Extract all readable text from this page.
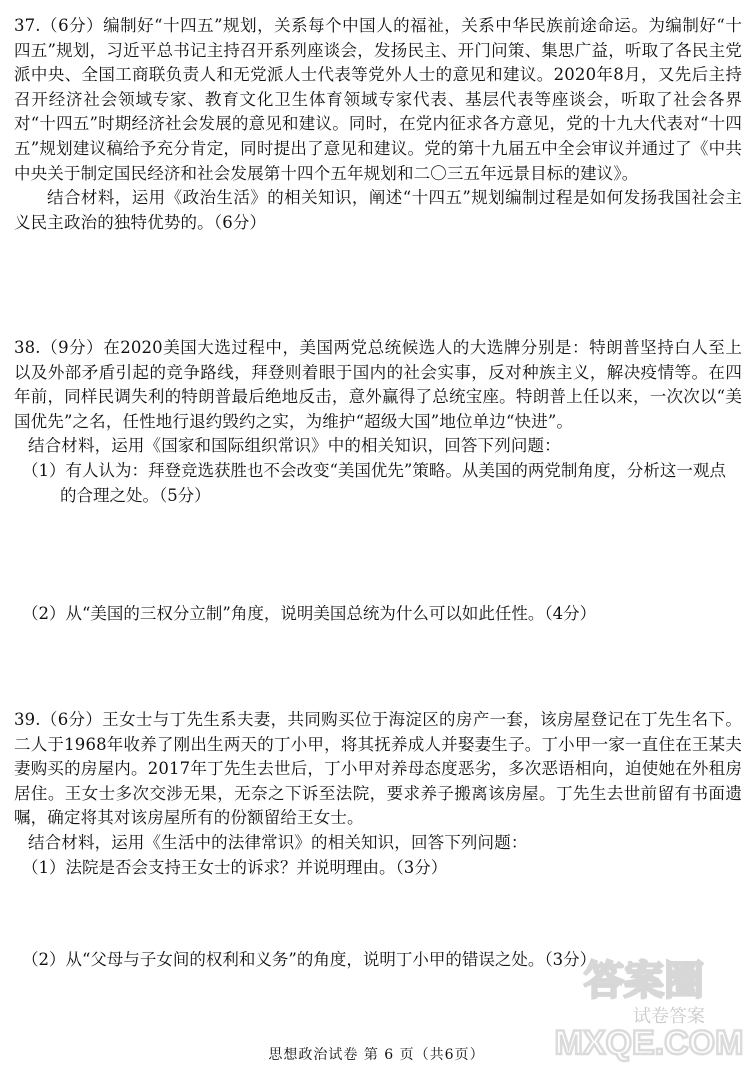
37.（6分）编制好“十四五”规划，关系每个中国人的福祉，关系中华民族前途命运。为编制好“十四五”规划，习近平总书记主持召开系列座谈会，发扬民主、开门问策、集思广益，听取了各民主党派中央、全国工商联负责人和无党派人士代表等党外人士的意见和建议。2020年8月，又先后主持召开经济社会领域专家、教育文化卫生体育领域专家代表、基层代表等座谈会，听取了社会各界对“十四五”时期经济社会发展的意见和建议。同时，在党内征求各方意见，党的十九大代表对“十四五”规划建议稿给予充分肯定，同时提出了意见和建议。党的第十九届五中全会审议并通过了《中共中央关于制定国民经济和社会发展第十四个五年规划和二〇三五年远景目标的建议》。

结合材料，运用《政治生活》的相关知识，阐述“十四五”规划编制过程是如何发扬我国社会主义民主政治的独特优势的。（6分）

38.（9分）在2020美国大选过程中，美国两党总统候选人的大选牌分别是：特朗普坚持白人至上以及外部矛盾引起的竞争路线，拜登则着眼于国内的社会实事，反对种族主义，解决疫情等。在四年前，同样民调失利的特朗普最后绝地反击，意外赢得了总统宝座。特朗普上任以来，一次次以“美国优先”之名，任性地行退约毁约之实，为维护“超级大国”地位单边“快进”。

结合材料，运用《国家和国际组织常识》中的相关知识，回答下列问题：

（1）有人认为：拜登竞选获胜也不会改变“美国优先”策略。从美国的两党制角度，分析这一观点的合理之处。（5分）

（2）从“美国的三权分立制”角度，说明美国总统为什么可以如此任性。（4分）

39.（6分）王女士与丁先生系夫妻，共同购买位于海淀区的房产一套，该房屋登记在丁先生名下。二人于1968年收养了刚出生两天的丁小甲，将其抚养成人并娶妻生子。丁小甲一家一直住在王某夫妻购买的房屋内。2017年丁先生去世后，丁小甲对养母态度恶劣，多次恶语相向，迫使她在外租房居住。王女士多次交涉无果，无奈之下诉至法院，要求养子搬离该房屋。丁先生去世前留有书面遗嘱，确定将其对该房屋所有的份额留给王女士。

结合材料，运用《生活中的法律常识》的相关知识，回答下列问题：

（1）法院是否会支持王女士的诉求？并说明理由。（3分）

（2）从“父母与子女间的权利和义务”的角度，说明丁小甲的错误之处。（3分）

思想政治试卷 第 6 页（共6页）
答案圈
试卷答案
MXQE.COM
